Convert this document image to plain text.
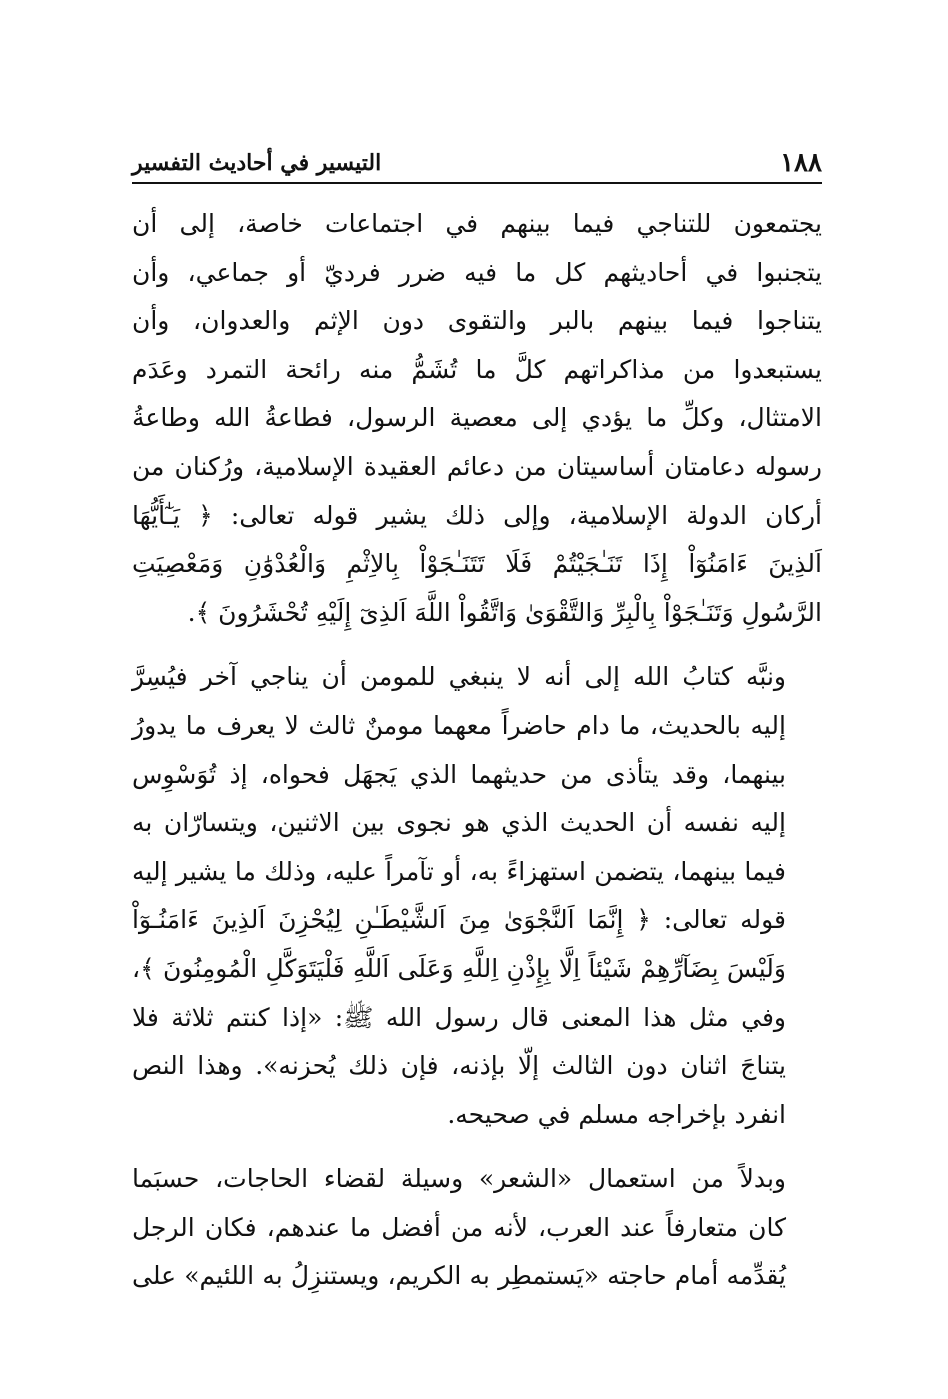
١٨٨
التيسير في أحاديث التفسير

يجتمعون للتناجي فيما بينهم في اجتماعات خاصة، إلى أن
يتجنبوا في أحاديثهم كل ما فيه ضرر فرديّ أو جماعي، وأن
يتناجوا فيما بينهم بالبر والتقوى دون الإثم والعدوان، وأن
يستبعدوا من مذاكراتهم كلَّ ما تُشَمُّ منه رائحة التمرد وعَدَم
الامتثال، وكلِّ ما يؤدي إلى معصية الرسول، فطاعةُ الله وطاعةُ
رسوله دعامتان أساسيتان من دعائم العقيدة الإسلامية، ورُكنان من
أركان الدولة الإسلامية، وإلى ذلك يشير قوله تعالى: ﴿ يَـٰٓأَيُّهَا
اَلذِينَ ءَامَنُوٓاْ إِذَا تَنَـٰجَيْتُمْ فَلَا تَتَنَـٰجَوْاْ بِالاِثْمِ وَالْعُدْوَٰنِ وَمَعْصِيَتِ
الرَّسُولِ وَتَنَـٰجَوْاْ بِالْبِرِّ وَالتَّقْوَىٰ وَاتَّقُواْ اللَّهَ اَلذِىٓ إِلَيْهِ تُحْشَرُونَ ﴾.

ونبَّه كتابُ الله إلى أنه لا ينبغي للمومن أن يناجي آخر فيُسِرَّ
إليه بالحديث، ما دام حاضراً معهما مومنٌ ثالث لا يعرف ما يدورُ
بينهما، وقد يتأذى من حديثهما الذي يَجهَل فحواه، إذ تُوَسْوِس
إليه نفسه أن الحديث الذي هو نجوى بين الاثنين، ويتسارّان به
فيما بينهما، يتضمن استهزاءً به، أو تآمراً عليه، وذلك ما يشير إليه
قوله تعالى: ﴿ إِنَّمَا اَلنَّجْوَىٰ مِنَ اَلشَّيْطَـٰنِ لِيُحْزِنَ اَلذِينَ ءَامَنُـوٓاْ
وَلَيْسَ بِضَآرِّهِمْ شَيْئاً اِلَّا بِإِذْنِ اِللَّهِ وَعَلَى اَللَّهِ فَلْيَتَوَكَّلِ الْمُومِنُونَ ﴾،
وفي مثل هذا المعنى قال رسول الله ﷺ: «إذا كنتم ثلاثة فلا
يتناجَ اثنان دون الثالث إلّا بإذنه، فإن ذلك يُحزنه». وهذا النص
انفرد بإخراجه مسلم في صحيحه.

وبدلاً من استعمال «الشعر» وسيلة لقضاء الحاجات، حسبَما
كان متعارفاً عند العرب، لأنه من أفضل ما عندهم، فكان الرجل
يُقدِّمه أمام حاجته «يَستمطِر به الكريم، ويستنزِلُ به اللئيم» على
